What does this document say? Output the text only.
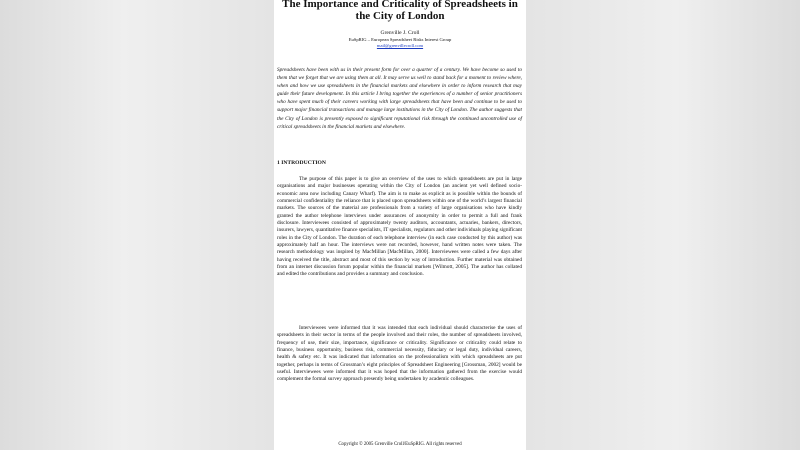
The Importance and Criticality of Spreadsheets in the City of London
Grenville J. Croll
EuSpRIG – European Spreadsheet Risks Interest Group
mail@grenvillecroll.com
Spreadsheets have been with us in their present form for over a quarter of a century. We have become so used to them that we forget that we are using them at all. It may serve us well to stand back for a moment to review where, when and how we use spreadsheets in the financial markets and elsewhere in order to inform research that may guide their future development. In this article I bring together the experiences of a number of senior practitioners who have spent much of their careers working with large spreadsheets that have been and continue to be used to support major financial transactions and manage large institutions in the City of London. The author suggests that the City of London is presently exposed to significant reputational risk through the continued uncontrolled use of critical spreadsheets in the financial markets and elsewhere.
1 INTRODUCTION
The purpose of this paper is to give an overview of the uses to which spreadsheets are put in large organisations and major businesses operating within the City of London (an ancient yet well defined socio-economic area now including Canary Wharf). The aim is to make as explicit as is possible within the bounds of commercial confidentiality the reliance that is placed upon spreadsheets within one of the world’s largest financial markets. The sources of the material are professionals from a variety of large organisations who have kindly granted the author telephone interviews under assurances of anonymity in order to permit a full and frank disclosure. Interviewees consisted of approximately twenty auditors, accountants, actuaries, bankers, directors, insurers, lawyers, quantitative finance specialists, IT specialists, regulators and other individuals playing significant roles in the City of London. The duration of each telephone interview (in each case conducted by this author) was approximately half an hour. The interviews were not recorded, however, hand written notes were taken. The research methodology was inspired by MacMillan [MacMillan, 2000]. Interviewees were called a few days after having received the title, abstract and most of this section by way of introduction. Further material was obtained from an internet discussion forum popular within the financial markets [Wilmott, 2005]. The author has collated and edited the contributions and provides a summary and conclusion.
Interviewees were informed that it was intended that each individual should characterise the uses of spreadsheets in their sector in terms of the people involved and their roles, the number of spreadsheets involved, frequency of use, their size, importance, significance or criticality. Significance or criticality could relate to finance, business opportunity, business risk, commercial necessity, fiduciary or legal duty, individual careers, health & safety etc. It was indicated that information on the professionalism with which spreadsheets are put together, perhaps in terms of Grossman’s eight principles of Spreadsheet Engineering [Grossman, 2002] would be useful. Interviewees were informed that it was hoped that the information gathered from the exercise would complement the formal survey approach presently being undertaken by academic colleagues.
Copyright © 2005 Grenville Croll/EuSpRIG. All rights reserved
